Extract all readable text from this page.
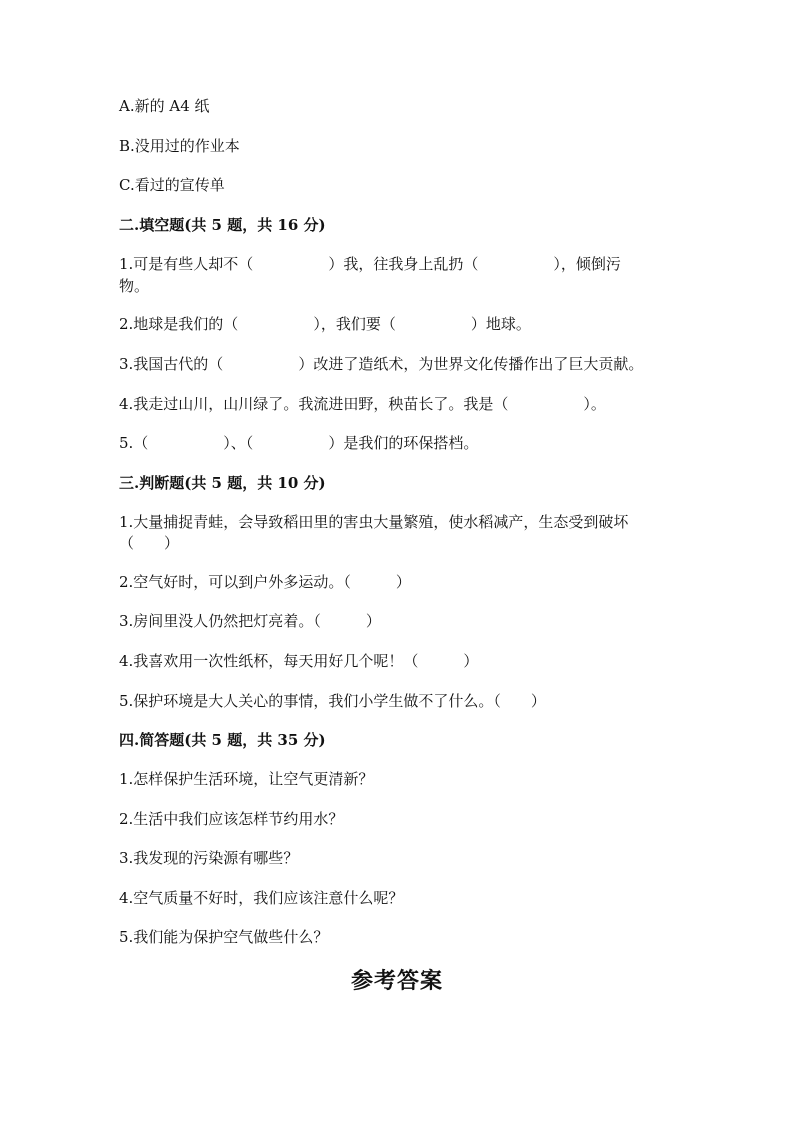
A.新的 A4 纸
B.没用过的作业本
C.看过的宣传单
二.填空题(共 5 题，共 16 分)
1.可是有些人却不（　　　　　）我，往我身上乱扔（　　　　　），倾倒污
物。
2.地球是我们的（　　　　　），我们要（　　　　　）地球。
3.我国古代的（　　　　　）改进了造纸术，为世界文化传播作出了巨大贡献。
4.我走过山川，山川绿了。我流进田野，秧苗长了。我是（　　　　　）。
5.（　　　　　）、（　　　　　）是我们的环保搭档。
三.判断题(共 5 题，共 10 分)
1.大量捕捉青蛙，会导致稻田里的害虫大量繁殖，使水稻减产，生态受到破坏
（　　）
2.空气好时，可以到户外多运动。（　　　）
3.房间里没人仍然把灯亮着。（　　　）
4.我喜欢用一次性纸杯，每天用好几个呢！（　　　）
5.保护环境是大人关心的事情，我们小学生做不了什么。（　　）
四.简答题(共 5 题，共 35 分)
1.怎样保护生活环境，让空气更清新？
2.生活中我们应该怎样节约用水？
3.我发现的污染源有哪些？
4.空气质量不好时，我们应该注意什么呢？
5.我们能为保护空气做些什么？
参考答案
